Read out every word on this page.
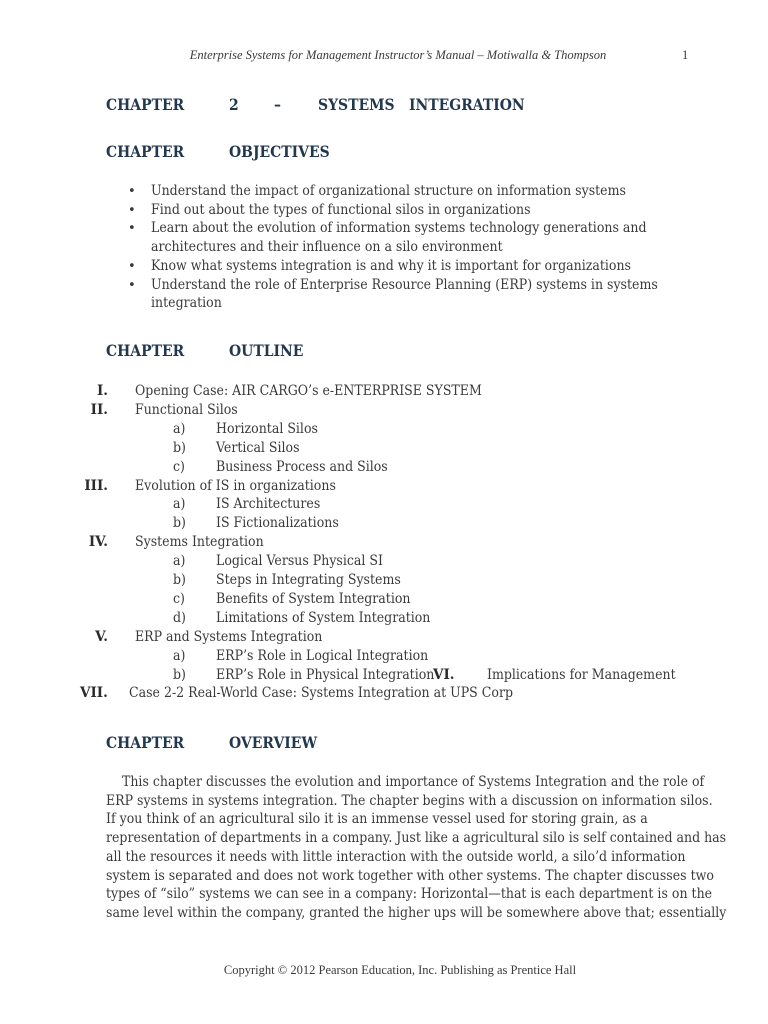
Enterprise Systems for Management Instructor’s Manual – Motiwalla & Thompson	1
CHAPTER	2 – SYSTEMS INTEGRATION
CHAPTER	OBJECTIVES
• Understand the impact of organizational structure on information systems
• Find out about the types of functional silos in organizations
• Learn about the evolution of information systems technology generations and
architectures and their influence on a silo environment
• Know what systems integration is and why it is important for organizations
• Understand the role of Enterprise Resource Planning (ERP) systems in systems
integration
CHAPTER	OUTLINE
I. Opening Case: AIR CARGO’s e-ENTERPRISE SYSTEM
II. Functional Silos
a) Horizontal Silos
b) Vertical Silos
c) Business Process and Silos
III. Evolution of IS in organizations
a) IS Architectures
b) IS Fictionalizations
IV. Systems Integration
a) Logical Versus Physical SI
b) Steps in Integrating Systems
c) Benefits of System Integration
d) Limitations of System Integration
V. ERP and Systems Integration
a) ERP’s Role in Logical Integration
b) ERP’s Role in Physical Integration
VI. Implications for Management
VII. Case 2-2 Real-World Case: Systems Integration at UPS Corp
CHAPTER	OVERVIEW
This chapter discusses the evolution and importance of Systems Integration and the role of
ERP systems in systems integration. The chapter begins with a discussion on information silos.
If you think of an agricultural silo it is an immense vessel used for storing grain, as a
representation of departments in a company. Just like a agricultural silo is self contained and has
all the resources it needs with little interaction with the outside world, a silo’d information
system is separated and does not work together with other systems. The chapter discusses two
types of “silo” systems we can see in a company: Horizontal—that is each department is on the
same level within the company, granted the higher ups will be somewhere above that; essentially
Copyright © 2012 Pearson Education, Inc. Publishing as Prentice Hall
